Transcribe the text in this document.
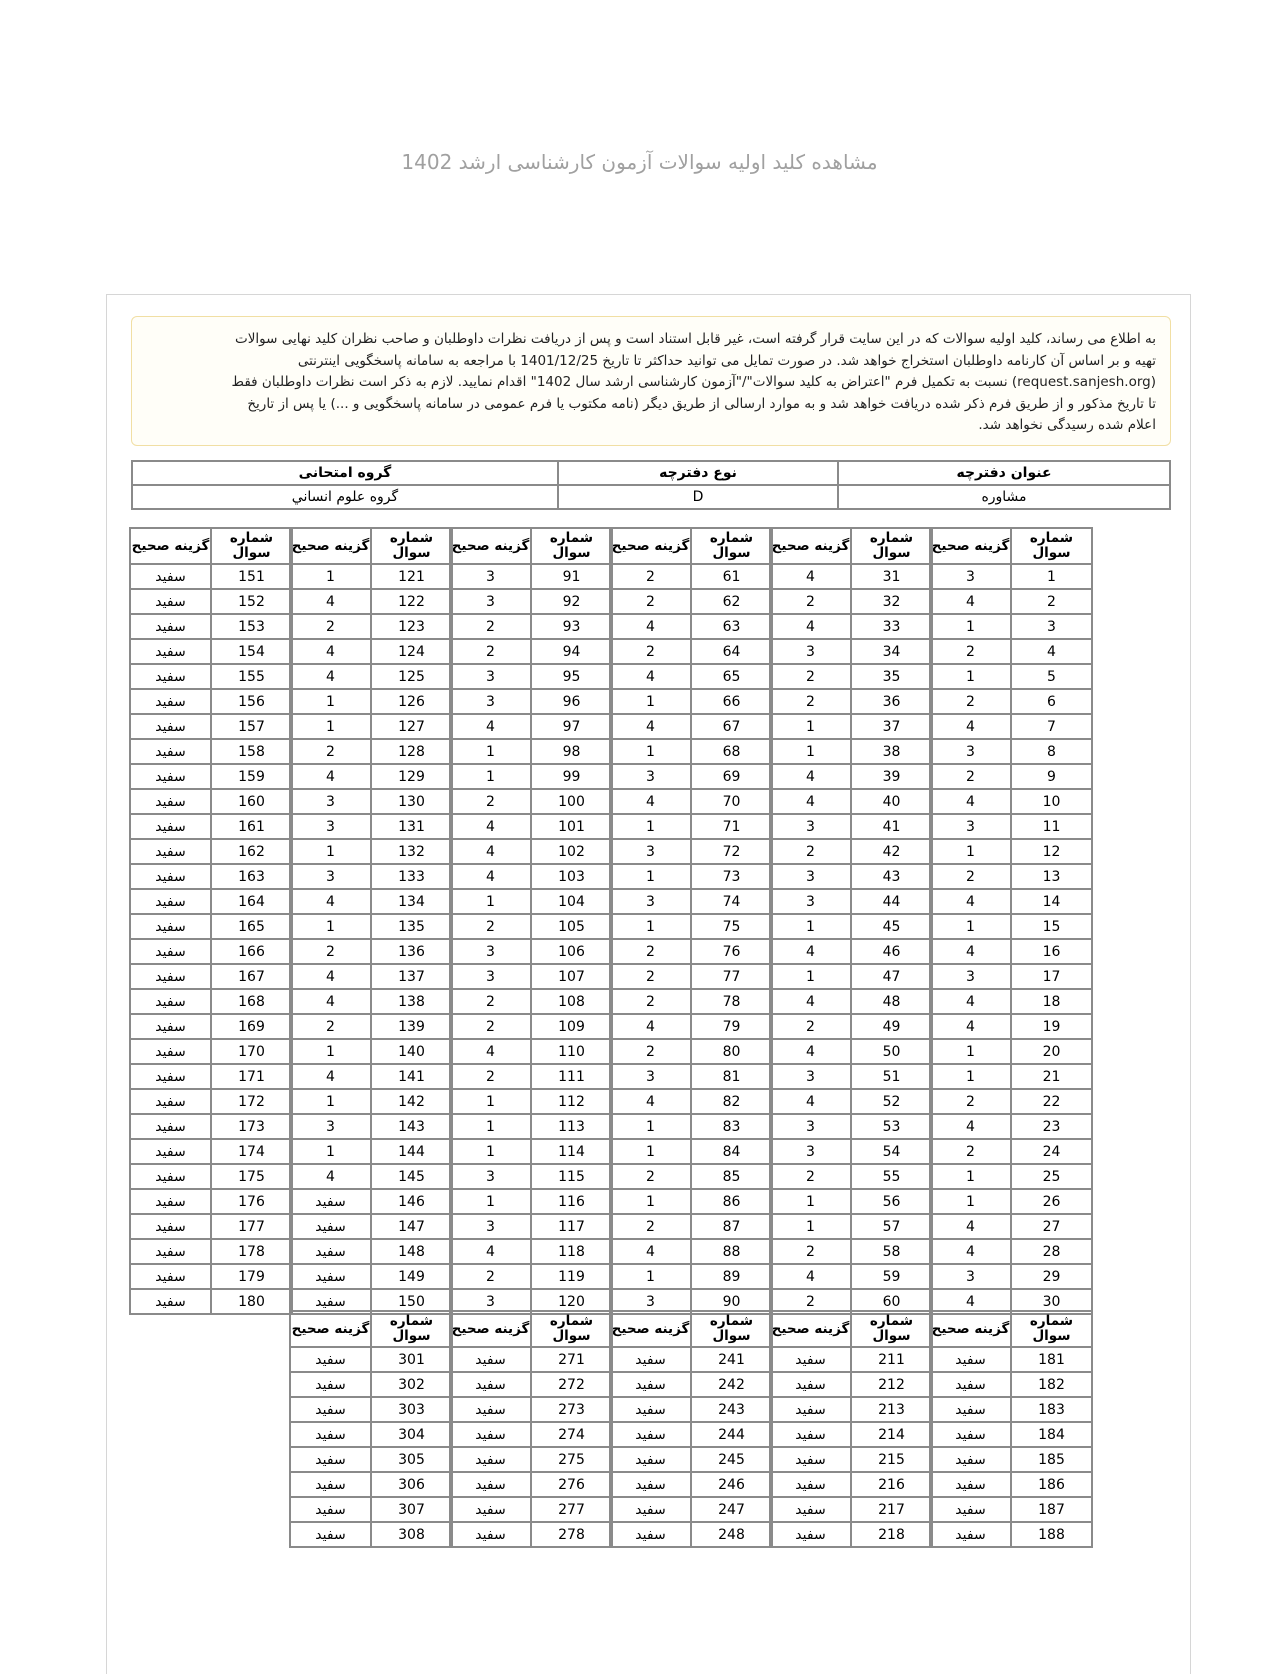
مشاهده کلید اولیه سوالات آزمون کارشناسی ارشد 1402
به اطلاع می رساند، کلید اولیه سوالات که در این سایت قرار گرفته است، غیر قابل استناد است و پس از دریافت نظرات داوطلبان و صاحب نظران کلید نهایی سوالات تهیه و بر اساس آن کارنامه داوطلبان استخراج خواهد شد. در صورت تمایل می توانید حداکثر تا تاریخ 1401/12/25 با مراجعه به سامانه پاسخگویی اینترنتی (request.sanjesh.org) نسبت به تکمیل فرم "اعتراض به کلید سوالات"/"آزمون کارشناسی ارشد سال 1402" اقدام نمایید. لازم به ذکر است نظرات داوطلبان فقط تا تاریخ مذکور و از طریق فرم ذکر شده دریافت خواهد شد و به موارد ارسالی از طریق دیگر (نامه مکتوب یا فرم عمومی در سامانه پاسخگویی و ...) یا پس از تاریخ اعلام شده رسیدگی نخواهد شد.
عنوان دفترچه	نوع دفترچه	گروه امتحانی
مشاوره	D	گروه علوم انساني
شماره سوال	گزینه صحیح
1	3
2	4
3	1
4	2
5	1
6	2
7	4
8	3
9	2
10	4
11	3
12	1
13	2
14	4
15	1
16	4
17	3
18	4
19	4
20	1
21	1
22	2
23	4
24	2
25	1
26	1
27	4
28	4
29	3
30	4
شماره سوال	گزینه صحیح
31	4
32	2
33	4
34	3
35	2
36	2
37	1
38	1
39	4
40	4
41	3
42	2
43	3
44	3
45	1
46	4
47	1
48	4
49	2
50	4
51	3
52	4
53	3
54	3
55	2
56	1
57	1
58	2
59	4
60	2
شماره سوال	گزینه صحیح
61	2
62	2
63	4
64	2
65	4
66	1
67	4
68	1
69	3
70	4
71	1
72	3
73	1
74	3
75	1
76	2
77	2
78	2
79	4
80	2
81	3
82	4
83	1
84	1
85	2
86	1
87	2
88	4
89	1
90	3
شماره سوال	گزینه صحیح
91	3
92	3
93	2
94	2
95	3
96	3
97	4
98	1
99	1
100	2
101	4
102	4
103	4
104	1
105	2
106	3
107	3
108	2
109	2
110	4
111	2
112	1
113	1
114	1
115	3
116	1
117	3
118	4
119	2
120	3
شماره سوال	گزینه صحیح
121	1
122	4
123	2
124	4
125	4
126	1
127	1
128	2
129	4
130	3
131	3
132	1
133	3
134	4
135	1
136	2
137	4
138	4
139	2
140	1
141	4
142	1
143	3
144	1
145	4
146	سفید
147	سفید
148	سفید
149	سفید
150	سفید
شماره سوال	گزینه صحیح
151	سفید
152	سفید
153	سفید
154	سفید
155	سفید
156	سفید
157	سفید
158	سفید
159	سفید
160	سفید
161	سفید
162	سفید
163	سفید
164	سفید
165	سفید
166	سفید
167	سفید
168	سفید
169	سفید
170	سفید
171	سفید
172	سفید
173	سفید
174	سفید
175	سفید
176	سفید
177	سفید
178	سفید
179	سفید
180	سفید
شماره سوال	گزینه صحیح
181	سفید
182	سفید
183	سفید
184	سفید
185	سفید
186	سفید
187	سفید
188	سفید
شماره سوال	گزینه صحیح
211	سفید
212	سفید
213	سفید
214	سفید
215	سفید
216	سفید
217	سفید
218	سفید
شماره سوال	گزینه صحیح
241	سفید
242	سفید
243	سفید
244	سفید
245	سفید
246	سفید
247	سفید
248	سفید
شماره سوال	گزینه صحیح
271	سفید
272	سفید
273	سفید
274	سفید
275	سفید
276	سفید
277	سفید
278	سفید
شماره سوال	گزینه صحیح
301	سفید
302	سفید
303	سفید
304	سفید
305	سفید
306	سفید
307	سفید
308	سفید
